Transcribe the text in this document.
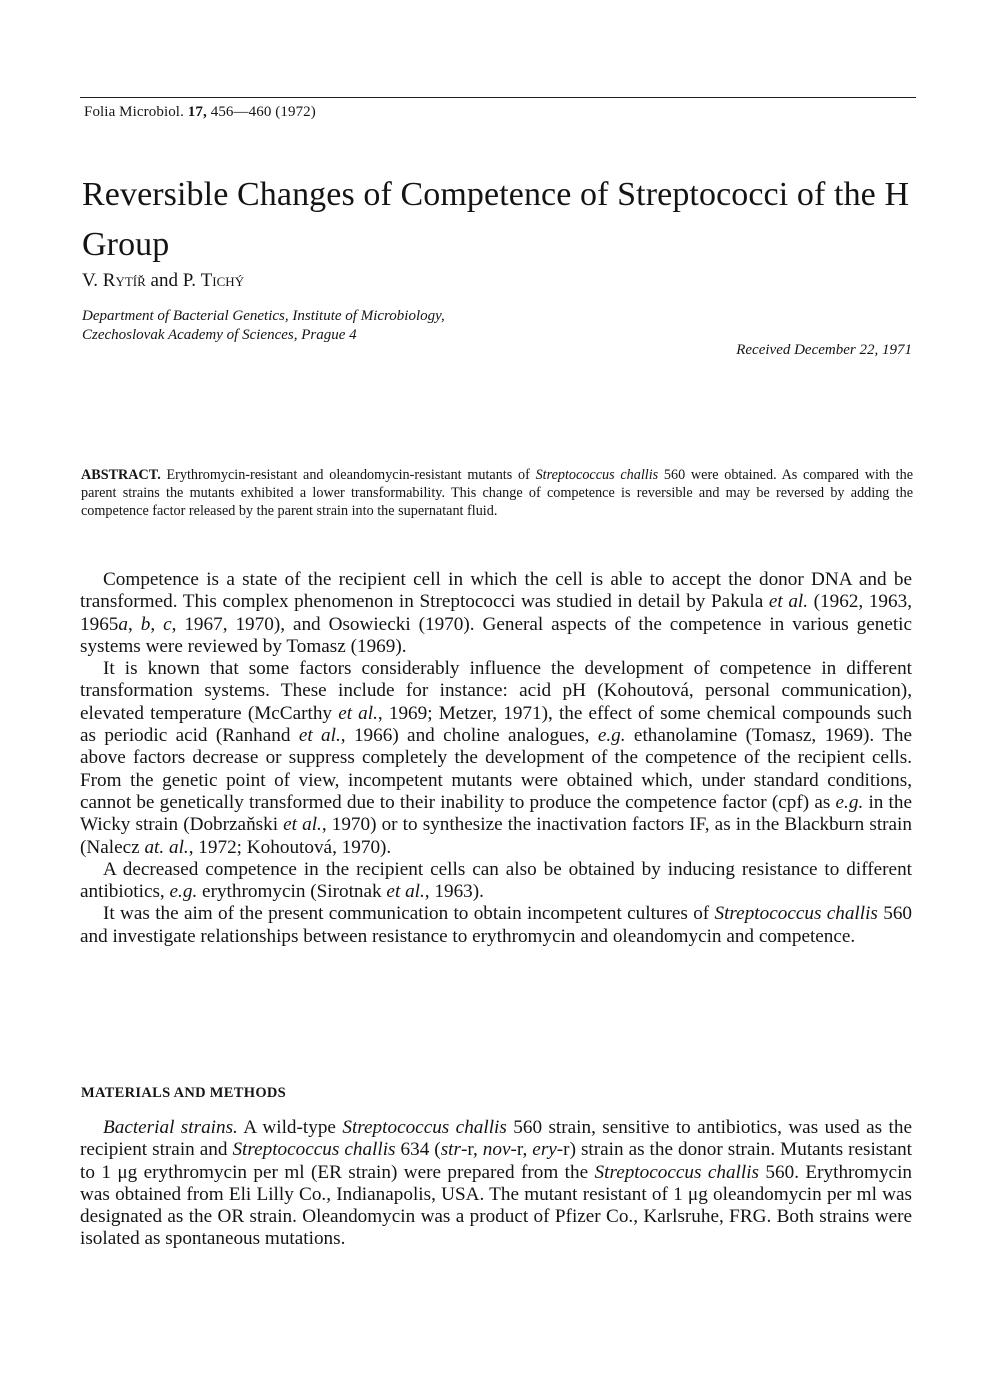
Folia Microbiol. 17, 456—460 (1972)
Reversible Changes of Competence of Streptococci of the H Group
V. Rytíř and P. Tichý
Department of Bacterial Genetics, Institute of Microbiology,
Czechoslovak Academy of Sciences, Prague 4
Received December 22, 1971

ABSTRACT. Erythromycin-resistant and oleandomycin-resistant mutants of Streptococcus challis 560 were obtained. As compared with the parent strains the mutants exhibited a lower transformability. This change of competence is reversible and may be reversed by adding the competence factor released by the parent strain into the supernatant fluid.

Competence is a state of the recipient cell in which the cell is able to accept the donor DNA and be transformed. This complex phenomenon in Streptococci was studied in detail by Pakula et al. (1962, 1963, 1965a, b, c, 1967, 1970), and Osowiecki (1970). General aspects of the competence in various genetic systems were reviewed by Tomasz (1969).

It is known that some factors considerably influence the development of competence in different transformation systems. These include for instance: acid pH (Kohoutová, personal communication), elevated temperature (McCarthy et al., 1969; Metzer, 1971), the effect of some chemical compounds such as periodic acid (Ranhand et al., 1966) and choline analogues, e.g. ethanolamine (Tomasz, 1969). The above factors decrease or suppress completely the development of the competence of the recipient cells. From the genetic point of view, incompetent mutants were obtained which, under standard conditions, cannot be genetically transformed due to their inability to produce the competence factor (cpf) as e.g. in the Wicky strain (Dobrzaňski et al., 1970) or to synthesize the inactivation factors IF, as in the Blackburn strain (Nalecz at. al., 1972; Kohoutová, 1970).

A decreased competence in the recipient cells can also be obtained by inducing resistance to different antibiotics, e.g. erythromycin (Sirotnak et al., 1963).

It was the aim of the present communication to obtain incompetent cultures of Streptococcus challis 560 and investigate relationships between resistance to erythromycin and oleandomycin and competence.

MATERIALS AND METHODS

Bacterial strains. A wild-type Streptococcus challis 560 strain, sensitive to antibiotics, was used as the recipient strain and Streptococcus challis 634 (str-r, nov-r, ery-r) strain as the donor strain. Mutants resistant to 1 μg erythromycin per ml (ER strain) were prepared from the Streptococcus challis 560. Erythromycin was obtained from Eli Lilly Co., Indianapolis, USA. The mutant resistant of 1 μg oleandomycin per ml was designated as the OR strain. Oleandomycin was a product of Pfizer Co., Karlsruhe, FRG. Both strains were isolated as spontaneous mutations.
